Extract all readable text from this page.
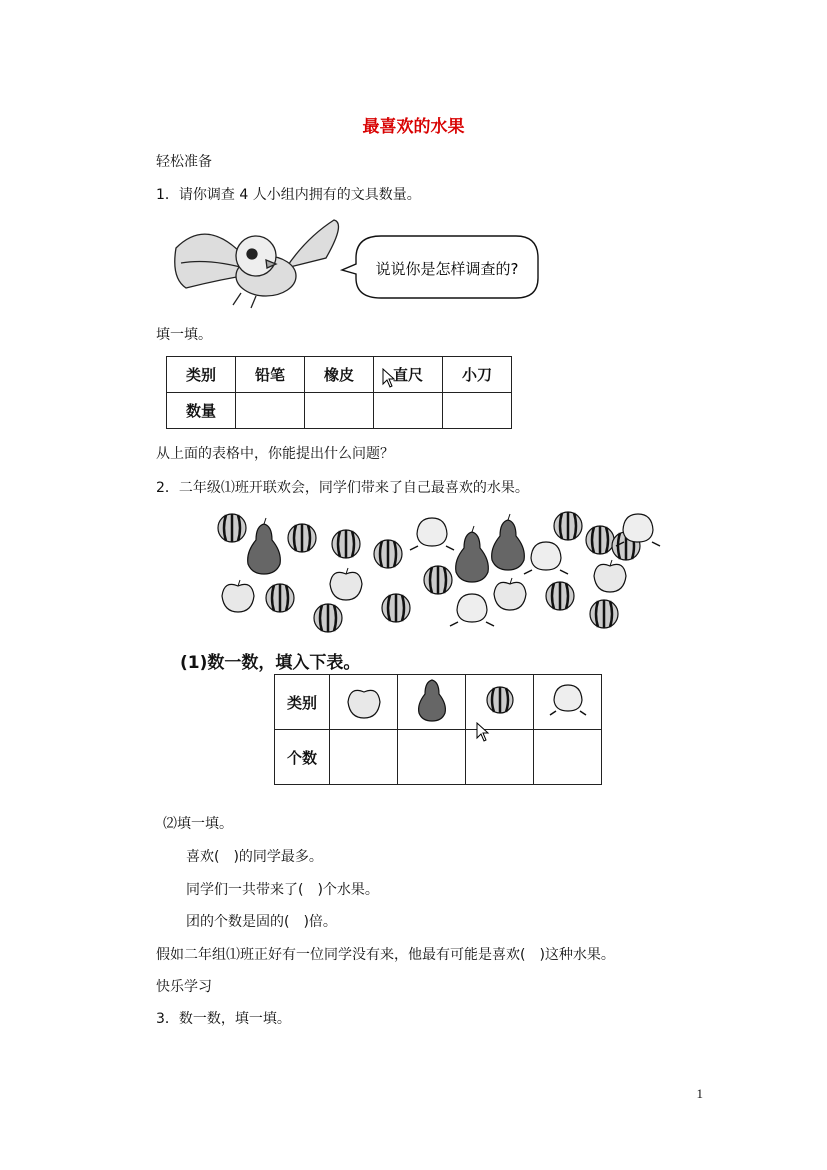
最喜欢的水果
轻松准备
1．请你调查 4 人小组内拥有的文具数量。
说说你是怎样调查的?
填一填。
类别	铅笔	橡皮	直尺	小刀
数量				
从上面的表格中，你能提出什么问题？
2．二年级⑴班开联欢会，同学们带来了自己最喜欢的水果。
(1)数一数，填入下表。
类别				
个数				
⑵填一填。
喜欢(　)的同学最多。
同学们一共带来了(　)个水果。
团的个数是固的(　)倍。
假如二年组⑴班正好有一位同学没有来，他最有可能是喜欢(　)这种水果。
快乐学习
3．数一数，填一填。
1
